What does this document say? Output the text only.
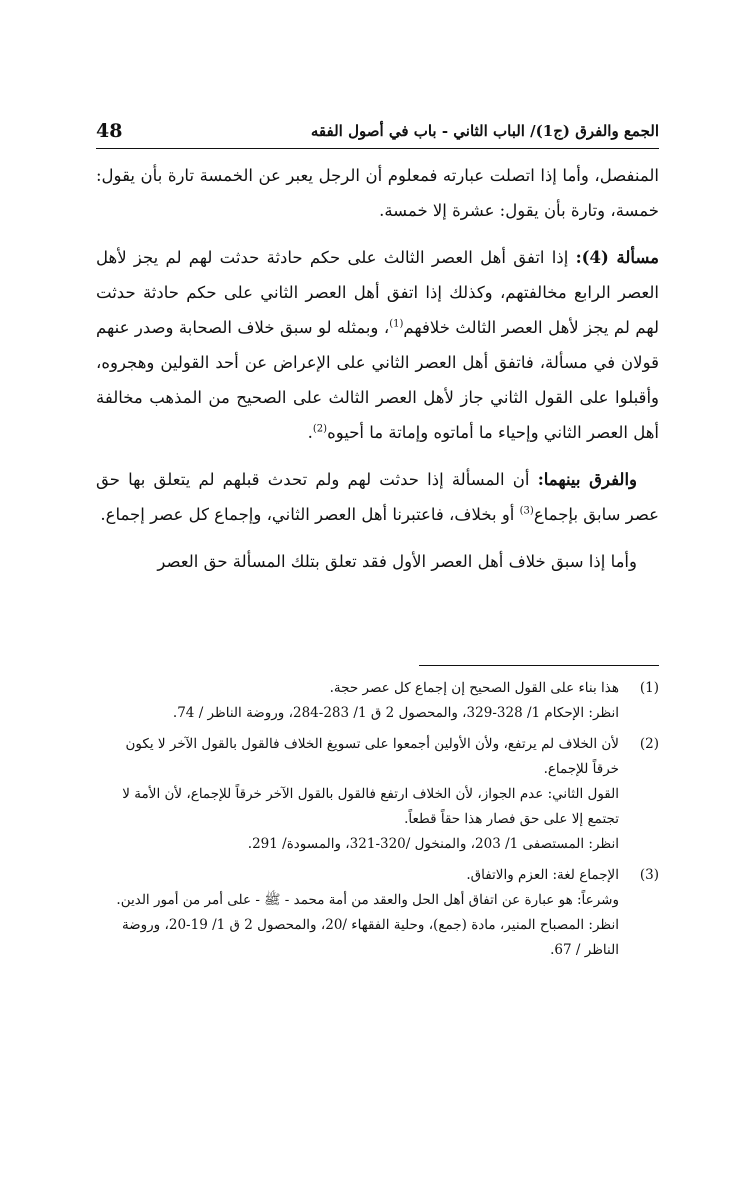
48	الجمع والفرق (ج1)/ الباب الثاني - باب في أصول الفقه

المنفصل، وأما إذا اتصلت عبارته فمعلوم أن الرجل يعبر عن الخمسة تارة بأن يقول: خمسة، وتارة بأن يقول: عشرة إلا خمسة.

مسألة (4): إذا اتفق أهل العصر الثالث على حكم حادثة حدثت لهم لم يجز لأهل العصر الرابع مخالفتهم، وكذلك إذا اتفق أهل العصر الثاني على حكم حادثة حدثت لهم لم يجز لأهل العصر الثالث خلافهم$^{(1)}$، وبمثله لو سبق خلاف الصحابة وصدر عنهم قولان في مسألة، فاتفق أهل العصر الثاني على الإعراض عن أحد القولين وهجروه، وأقبلوا على القول الثاني جاز لأهل العصر الثالث على الصحيح من المذهب مخالفة أهل العصر الثاني وإحياء ما أماتوه وإماتة ما أحيوه$^{(2)}$.

والفرق بينهما: أن المسألة إذا حدثت لهم ولم تحدث قبلهم لم يتعلق بها حق عصر سابق بإجماع$^{(3)}$ أو بخلاف، فاعتبرنا أهل العصر الثاني، وإجماع كل عصر إجماع.

وأما إذا سبق خلاف أهل العصر الأول فقد تعلق بتلك المسألة حق العصر

(1)

هذا بناء على القول الصحيح إن إجماع كل عصر حجة.

انظر: الإحكام 1/ 328-329، والمحصول 2 ق 1/ 283-284، وروضة الناظر / 74.

(2)

لأن الخلاف لم يرتفع، ولأن الأولين أجمعوا على تسويغ الخلاف فالقول بالقول الآخر لا يكون خرقاً للإجماع.

القول الثاني: عدم الجواز، لأن الخلاف ارتفع فالقول بالقول الآخر خرقاً للإجماع، لأن الأمة لا تجتمع إلا على حق فصار هذا حقاً قطعاً.

انظر: المستصفى 1/ 203، والمنخول /320-321، والمسودة/ 291.

(3)

الإجماع لغة: العزم والاتفاق.

وشرعاً: هو عبارة عن اتفاق أهل الحل والعقد من أمة محمد - ﷺ - على أمر من أمور الدين.

انظر: المصباح المنير، مادة (جمع)، وحلية الفقهاء /20، والمحصول 2 ق 1/ 19-20، وروضة الناظر / 67.
